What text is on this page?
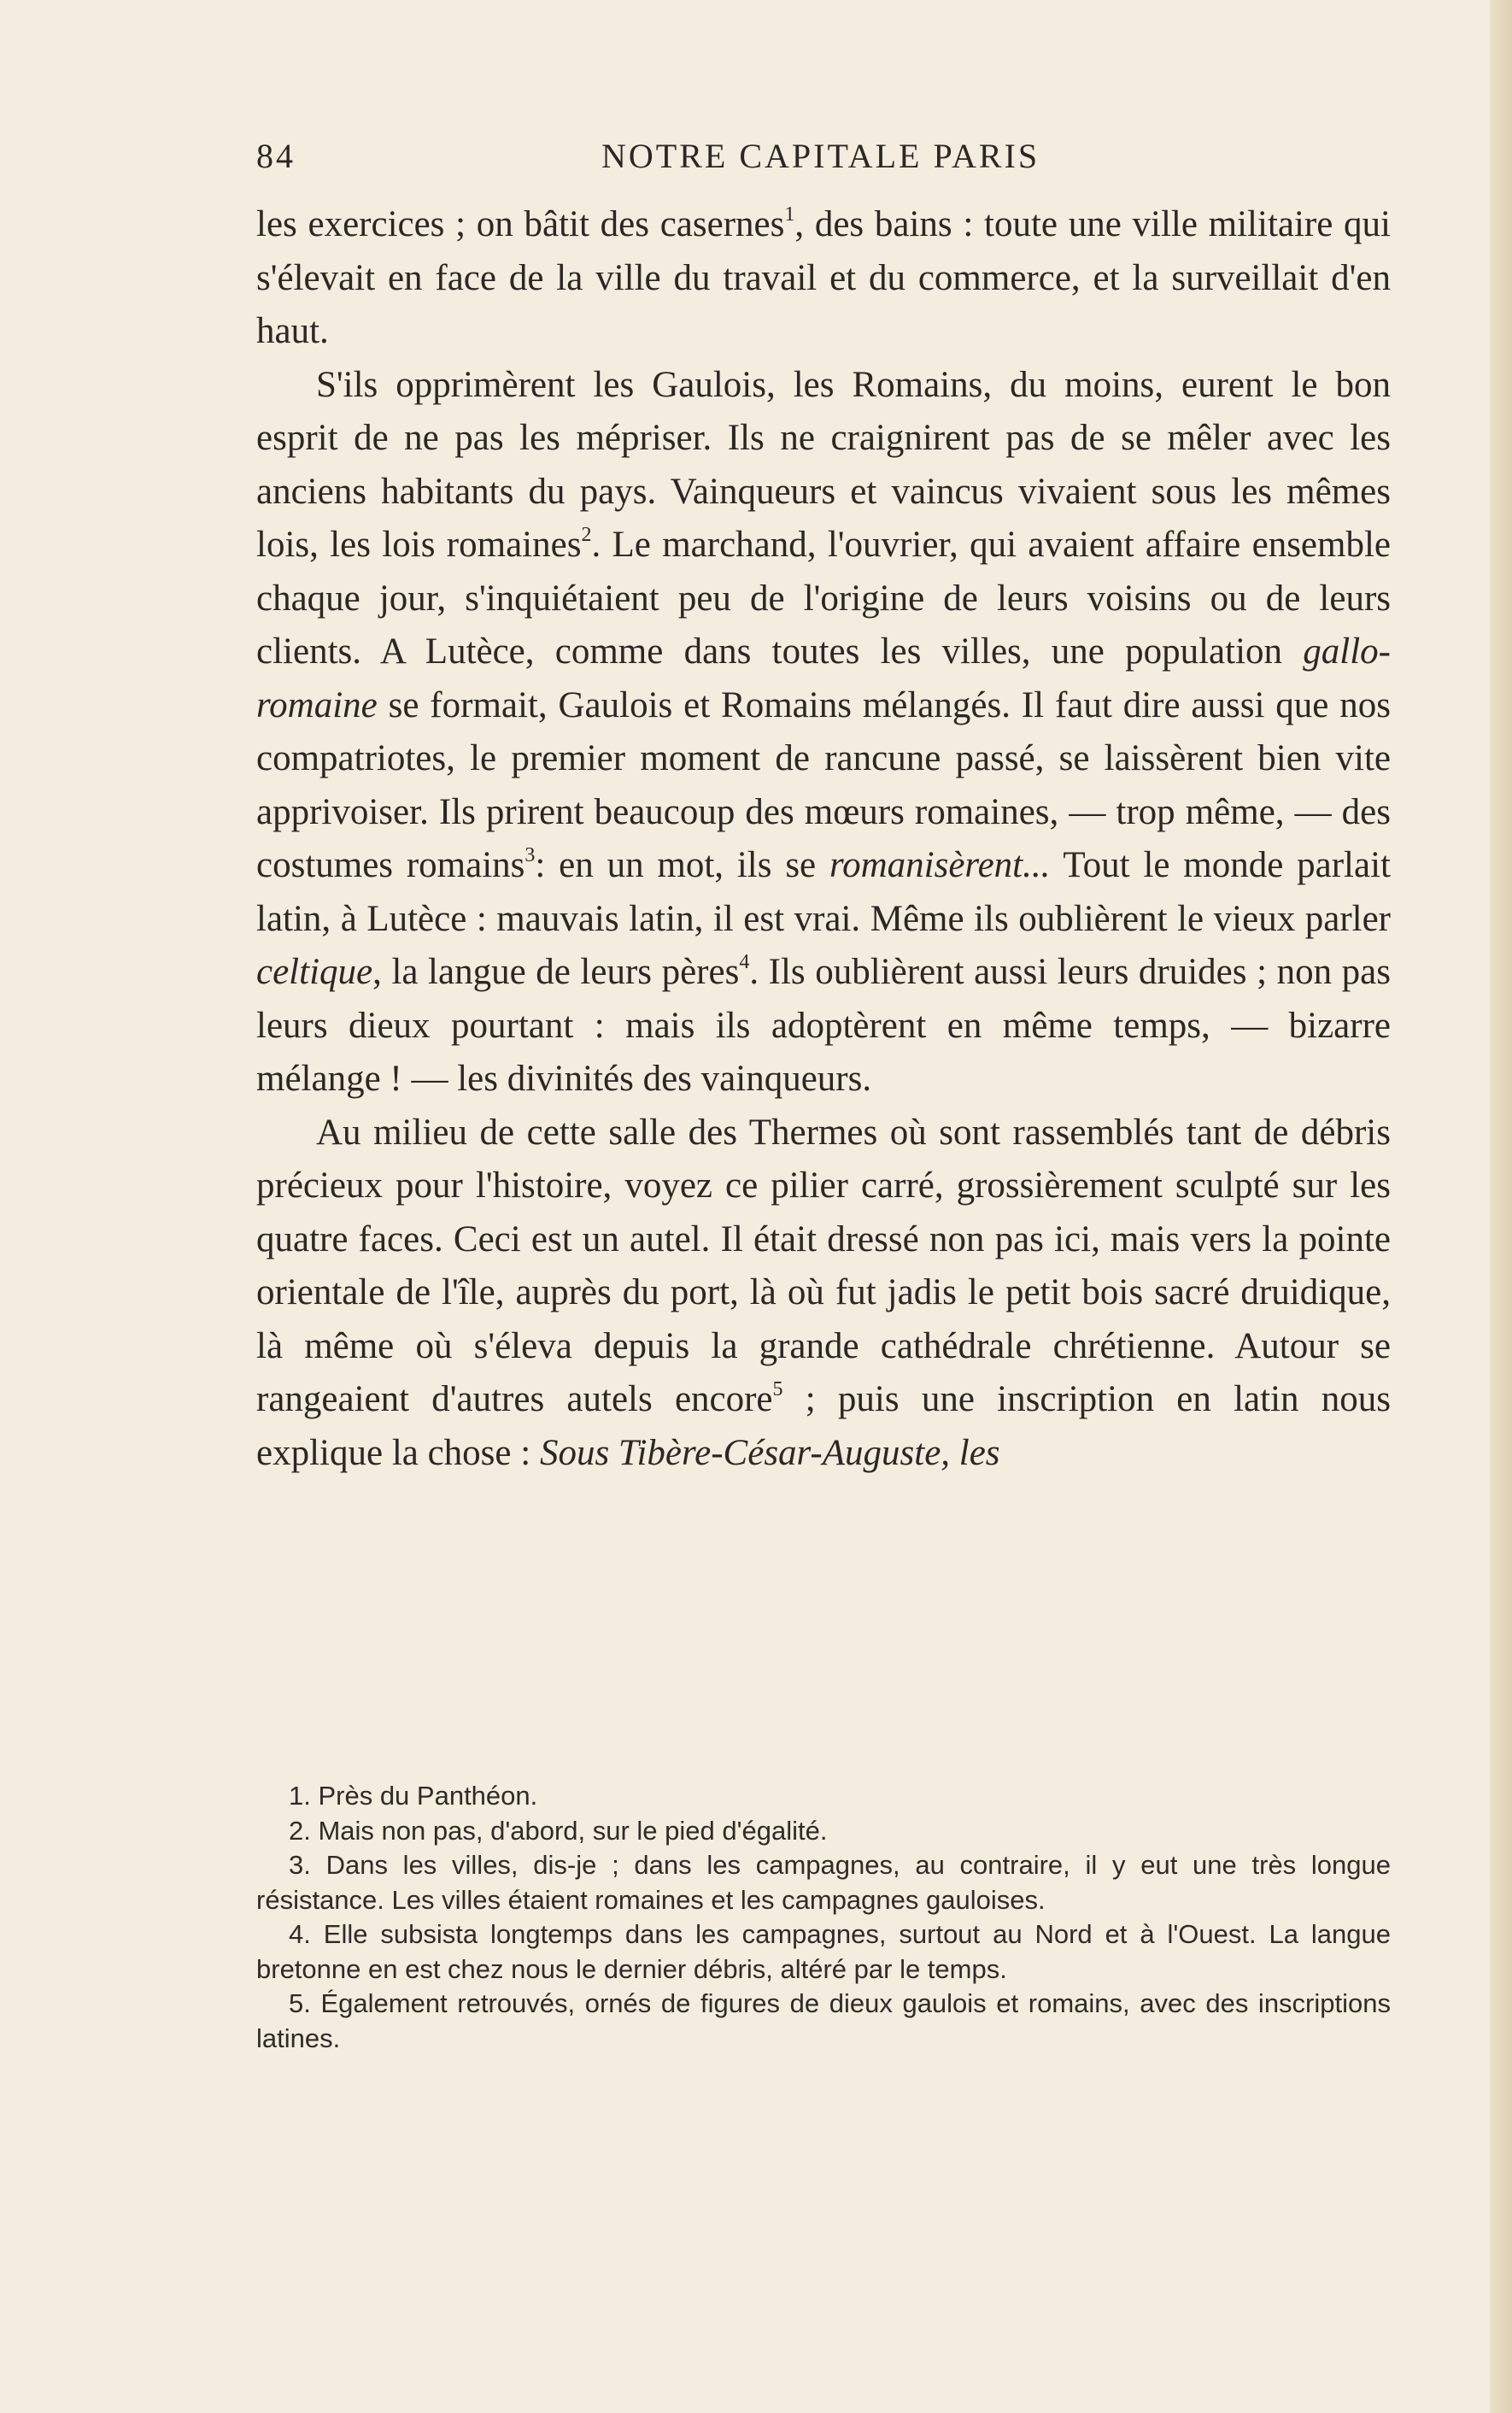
84	NOTRE CAPITALE PARIS

les exercices ; on bâtit des casernes$^1$, des bains : toute une ville militaire qui s'élevait en face de la ville du travail et du commerce, et la surveillait d'en haut.

S'ils opprimèrent les Gaulois, les Romains, du moins, eurent le bon esprit de ne pas les mépriser. Ils ne craignirent pas de se mêler avec les anciens habitants du pays. Vainqueurs et vaincus vivaient sous les mêmes lois, les lois romaines$^2$. Le marchand, l'ouvrier, qui avaient affaire ensemble chaque jour, s'inquiétaient peu de l'origine de leurs voisins ou de leurs clients. A Lutèce, comme dans toutes les villes, une population gallo-romaine se formait, Gaulois et Romains mélangés. Il faut dire aussi que nos compatriotes, le premier moment de rancune passé, se laissèrent bien vite apprivoiser. Ils prirent beaucoup des mœurs romaines, — trop même, — des costumes romains$^3$: en un mot, ils se romanisèrent... Tout le monde parlait latin, à Lutèce : mauvais latin, il est vrai. Même ils oublièrent le vieux parler celtique, la langue de leurs pères$^4$. Ils oublièrent aussi leurs druides ; non pas leurs dieux pourtant : mais ils adoptèrent en même temps, — bizarre mélange ! — les divinités des vainqueurs.

Au milieu de cette salle des Thermes où sont rassemblés tant de débris précieux pour l'histoire, voyez ce pilier carré, grossièrement sculpté sur les quatre faces. Ceci est un autel. Il était dressé non pas ici, mais vers la pointe orientale de l'île, auprès du port, là où fut jadis le petit bois sacré druidique, là même où s'éleva depuis la grande cathédrale chrétienne. Autour se rangeaient d'autres autels encore$^5$ ; puis une inscription en latin nous explique la chose : Sous Tibère-César-Auguste, les

1. Près du Panthéon.

2. Mais non pas, d'abord, sur le pied d'égalité.

3. Dans les villes, dis-je ; dans les campagnes, au contraire, il y eut une très longue résistance. Les villes étaient romaines et les campagnes gauloises.

4. Elle subsista longtemps dans les campagnes, surtout au Nord et à l'Ouest. La langue bretonne en est chez nous le dernier débris, altéré par le temps.

5. Également retrouvés, ornés de figures de dieux gaulois et romains, avec des inscriptions latines.
